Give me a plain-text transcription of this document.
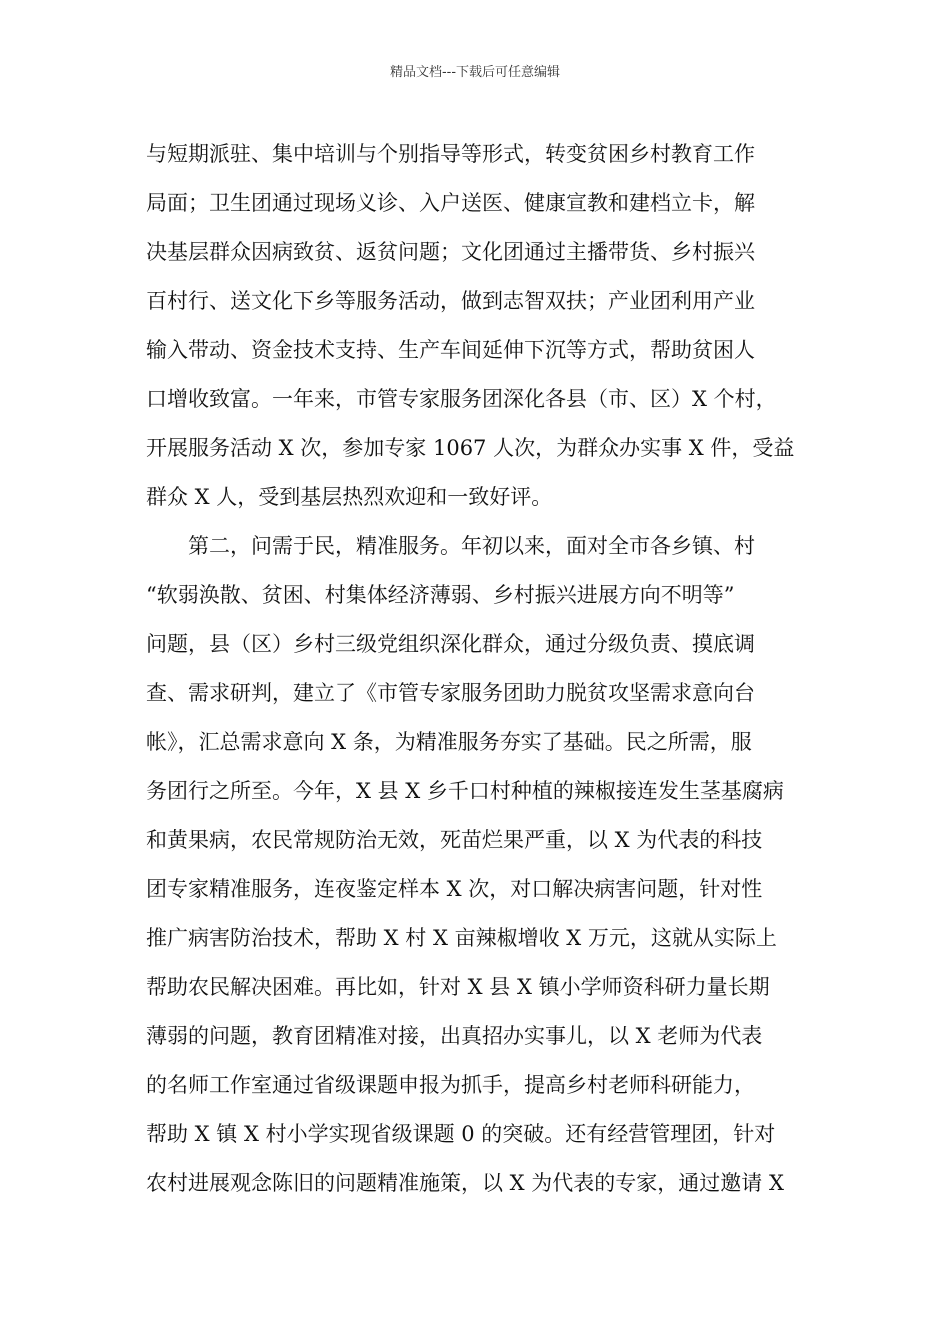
精品文档---下载后可任意编辑
与短期派驻、集中培训与个别指导等形式，转变贫困乡村教育工作
局面；卫生团通过现场义诊、入户送医、健康宣教和建档立卡，解
决基层群众因病致贫、返贫问题；文化团通过主播带货、乡村振兴
百村行、送文化下乡等服务活动，做到志智双扶；产业团利用产业
输入带动、资金技术支持、生产车间延伸下沉等方式，帮助贫困人
口增收致富。一年来，市管专家服务团深化各县（市、区）X 个村，
开展服务活动 X 次，参加专家 1067 人次，为群众办实事 X 件，受益
群众 X 人，受到基层热烈欢迎和一致好评。
第二，问需于民，精准服务。年初以来，面对全市各乡镇、村
“软弱涣散、贫困、村集体经济薄弱、乡村振兴进展方向不明等”
问题，县（区）乡村三级党组织深化群众，通过分级负责、摸底调
查、需求研判，建立了《市管专家服务团助力脱贫攻坚需求意向台
帐》，汇总需求意向 X 条，为精准服务夯实了基础。民之所需，服
务团行之所至。今年，X 县 X 乡千口村种植的辣椒接连发生茎基腐病
和黄果病，农民常规防治无效，死苗烂果严重，以 X 为代表的科技
团专家精准服务，连夜鉴定样本 X 次，对口解决病害问题，针对性
推广病害防治技术，帮助 X 村 X 亩辣椒增收 X 万元，这就从实际上
帮助农民解决困难。再比如，针对 X 县 X 镇小学师资科研力量长期
薄弱的问题，教育团精准对接，出真招办实事儿，以 X 老师为代表
的名师工作室通过省级课题申报为抓手，提高乡村老师科研能力，
帮助 X 镇 X 村小学实现省级课题 0 的突破。还有经营管理团，针对
农村进展观念陈旧的问题精准施策，以 X 为代表的专家，通过邀请 X
